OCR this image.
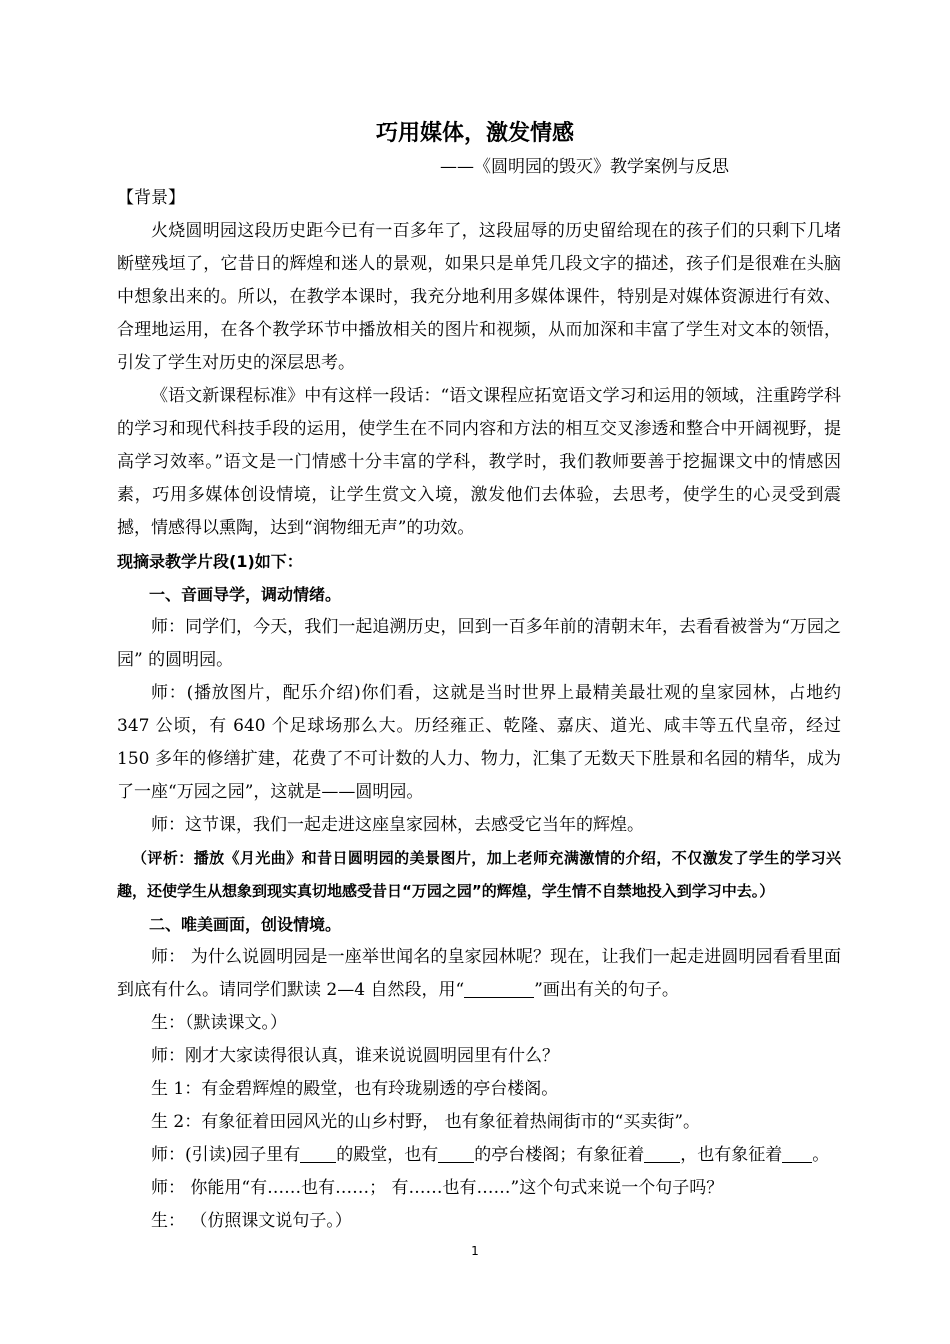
巧用媒体，激发情感
——《圆明园的毁灭》教学案例与反思

【背景】

火烧圆明园这段历史距今已有一百多年了，这段屈辱的历史留给现在的孩子们的只剩下几堵断壁残垣了，它昔日的辉煌和迷人的景观，如果只是单凭几段文字的描述，孩子们是很难在头脑中想象出来的。所以，在教学本课时，我充分地利用多媒体课件，特别是对媒体资源进行有效、合理地运用，在各个教学环节中播放相关的图片和视频，从而加深和丰富了学生对文本的领悟，引发了学生对历史的深层思考。

《语文新课程标准》中有这样一段话：“语文课程应拓宽语文学习和运用的领域，注重跨学科的学习和现代科技手段的运用，使学生在不同内容和方法的相互交叉渗透和整合中开阔视野，提高学习效率。”语文是一门情感十分丰富的学科，教学时，我们教师要善于挖掘课文中的情感因素，巧用多媒体创设情境，让学生赏文入境，激发他们去体验，去思考，使学生的心灵受到震撼，情感得以熏陶，达到“润物细无声”的功效。

现摘录教学片段(1)如下：

一、音画导学，调动情绪。

师：同学们，今天，我们一起追溯历史，回到一百多年前的清朝末年，去看看被誉为“万园之园” 的圆明园。

师：(播放图片，配乐介绍)你们看，这就是当时世界上最精美最壮观的皇家园林，占地约 347 公顷，有 640 个足球场那么大。历经雍正、乾隆、嘉庆、道光、咸丰等五代皇帝，经过 150 多年的修缮扩建，花费了不可计数的人力、物力，汇集了无数天下胜景和名园的精华，成为了一座“万园之园”，这就是——圆明园。

师：这节课，我们一起走进这座皇家园林，去感受它当年的辉煌。

（评析：播放《月光曲》和昔日圆明园的美景图片，加上老师充满激情的介绍，不仅激发了学生的学习兴趣，还使学生从想象到现实真切地感受昔日“万园之园”的辉煌，学生情不自禁地投入到学习中去。）

二、唯美画面，创设情境。

师： 为什么说圆明园是一座举世闻名的皇家园林呢？现在，让我们一起走进圆明园看看里面到底有什么。请同学们默读 2—4 自然段，用“	”画出有关的句子。

生：（默读课文。）

师：刚才大家读得很认真，谁来说说圆明园里有什么？

生 1：有金碧辉煌的殿堂，也有玲珑剔透的亭台楼阁。

生 2：有象征着田园风光的山乡村野， 也有象征着热闹街市的“买卖街”。

师：(引读)园子里有 的殿堂，也有 的亭台楼阁；有象征着 ，也有象征着 。

师： 你能用“有……也有……； 有……也有……”这个句式来说一个句子吗？

生： （仿照课文说句子。）

1
